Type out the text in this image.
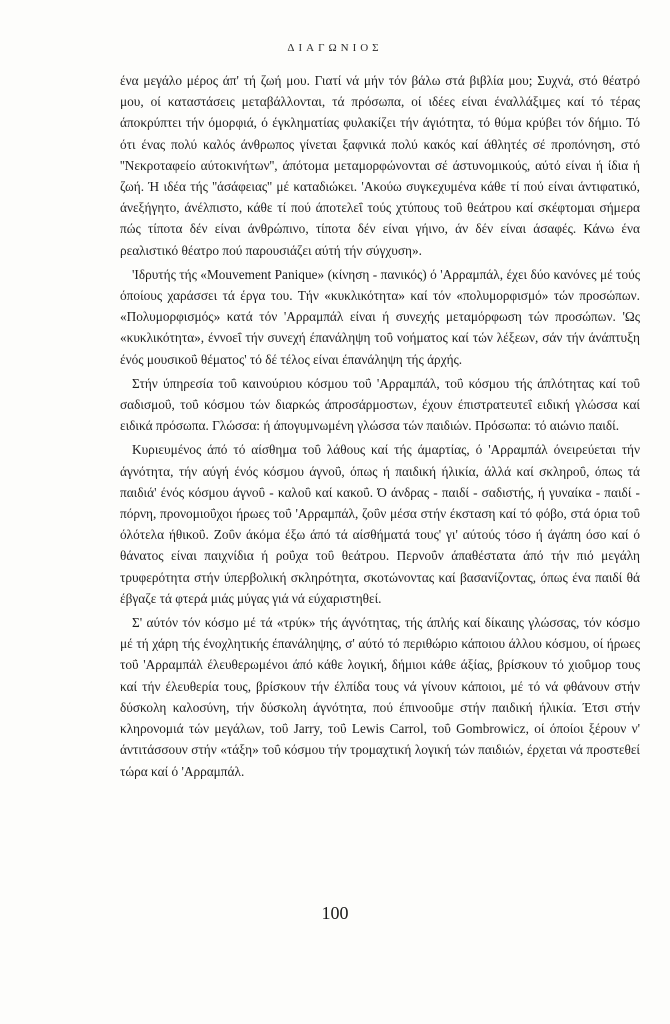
ΔΙΑΓΩΝΙΟΣ

ένα μεγάλο μέρος άπ' τή ζωή μου. Γιατί νά μήν τόν βάλω στά βιβλία μου; Συχνά, στό θέατρό μου, οί καταστάσεις μεταβάλλονται, τά πρόσωπα, οί ιδέες είναι έναλλάξιμες καί τό τέρας άποκρύπτει τήν όμορφιά, ό έγκληματίας φυλακίζει τήν άγιότητα, τό θύμα κρύβει τόν δήμιο. Τό ότι ένας πολύ καλός άνθρωπος γίνεται ξαφνικά πολύ κακός καί άθλητές σέ προπόνηση, στό ''Νεκροταφείο αύτοκινήτων'', άπότομα μεταμορφώνονται σέ άστυνομικούς, αύτό είναι ή ίδια ή ζωή. Ή ιδέα τής ''άσάφειας'' μέ καταδιώκει. 'Ακούω συγκεχυμένα κάθε τί πού είναι άντιφατικό, άνεξήγητο, άνέλπιστο, κάθε τί πού άποτελεΐ τούς χτύπους τοΰ θεάτρου καί σκέφτομαι σήμερα πώς τίποτα δέν είναι άνθρώπινο, τίποτα δέν είναι γήινο, άν δέν είναι άσαφές. Κάνω ένα ρεαλιστικό θέατρο πού παρουσιάζει αύτή τήν σύγχυση».

'Ιδρυτής τής «Mouvement Panique» (κίνηση - πανικός) ό 'Αρραμπάλ, έχει δύο κανόνες μέ τούς όποίους χαράσσει τά έργα του. Τήν «κυκλικότητα» καί τόν «πολυμορφισμό» τών προσώπων. «Πολυμορφισμός» κατά τόν 'Αρραμπάλ είναι ή συνεχής μεταμόρφωση τών προσώπων. 'Ως «κυκλικότητα», έννοεΐ τήν συνεχή έπανάληψη τοΰ νοήματος καί τών λέξεων, σάν τήν άνάπτυξη ένός μουσικοΰ θέματος' τό δέ τέλος είναι έπανάληψη τής άρχής.

Στήν ύπηρεσία τοΰ καινούριου κόσμου τοΰ 'Αρραμπάλ, τοΰ κόσμου τής άπλότητας καί τοΰ σαδισμοΰ, τοΰ κόσμου τών διαρκώς άπροσάρμοστων, έχουν έπιστρατευτεΐ ειδική γλώσσα καί ειδικά πρόσωπα. Γλώσσα: ή άπογυμνωμένη γλώσσα τών παιδιών. Πρόσωπα: τό αιώνιο παιδί.

Κυριευμένος άπό τό αίσθημα τοΰ λάθους καί τής άμαρτίας, ό 'Αρραμπάλ όνειρεύεται τήν άγνότητα, τήν αύγή ένός κόσμου άγνοΰ, όπως ή παιδική ήλικία, άλλά καί σκληροΰ, όπως τά παιδιά' ένός κόσμου άγνοΰ - καλοΰ καί κακοΰ. Ό άνδρας - παιδί - σαδιστής, ή γυναίκα - παιδί - πόρνη, προνομιοΰχοι ήρωες τοΰ 'Αρραμπάλ, ζοΰν μέσα στήν έκσταση καί τό φόβο, στά όρια τοΰ όλότελα ήθικοΰ. Ζοΰν άκόμα έξω άπό τά αίσθήματά τους' γι' αύτούς τόσο ή άγάπη όσο καί ό θάνατος είναι παιχνίδια ή ροΰχα τοΰ θεάτρου. Περνοΰν άπαθέστατα άπό τήν πιό μεγάλη τρυφερότητα στήν ύπερβολική σκληρότητα, σκοτώνοντας καί βασανίζοντας, όπως ένα παιδί θά έβγαζε τά φτερά μιάς μύγας γιά νά εύχαριστηθεί.

Σ' αύτόν τόν κόσμο μέ τά «τρύκ» τής άγνότητας, τής άπλής καί δίκαιης γλώσσας, τόν κόσμο μέ τή χάρη τής ένοχλητικής έπανάληψης, σ' αύτό τό περιθώριο κάποιου άλλου κόσμου, οί ήρωες τοΰ 'Αρραμπάλ έλευθερωμένοι άπό κάθε λογική, δήμιοι κάθε άξίας, βρίσκουν τό χιοΰμορ τους καί τήν έλευθερία τους, βρίσκουν τήν έλπίδα τους νά γίνουν κάποιοι, μέ τό νά φθάνουν στήν δύσκολη καλοσύνη, τήν δύσκολη άγνότητα, πού έπινοοΰμε στήν παιδική ήλικία. Έτσι στήν κληρονομιά τών μεγάλων, τοΰ Jarry, τοΰ Lewis Carrol, τοΰ Gombrowicz, οί όποίοι ξέρουν ν' άντιτάσσουν στήν «τάξη» τοΰ κόσμου τήν τρομαχτική λογική τών παιδιών, έρχεται νά προστεθεί τώρα καί ό 'Αρραμπάλ.

100
